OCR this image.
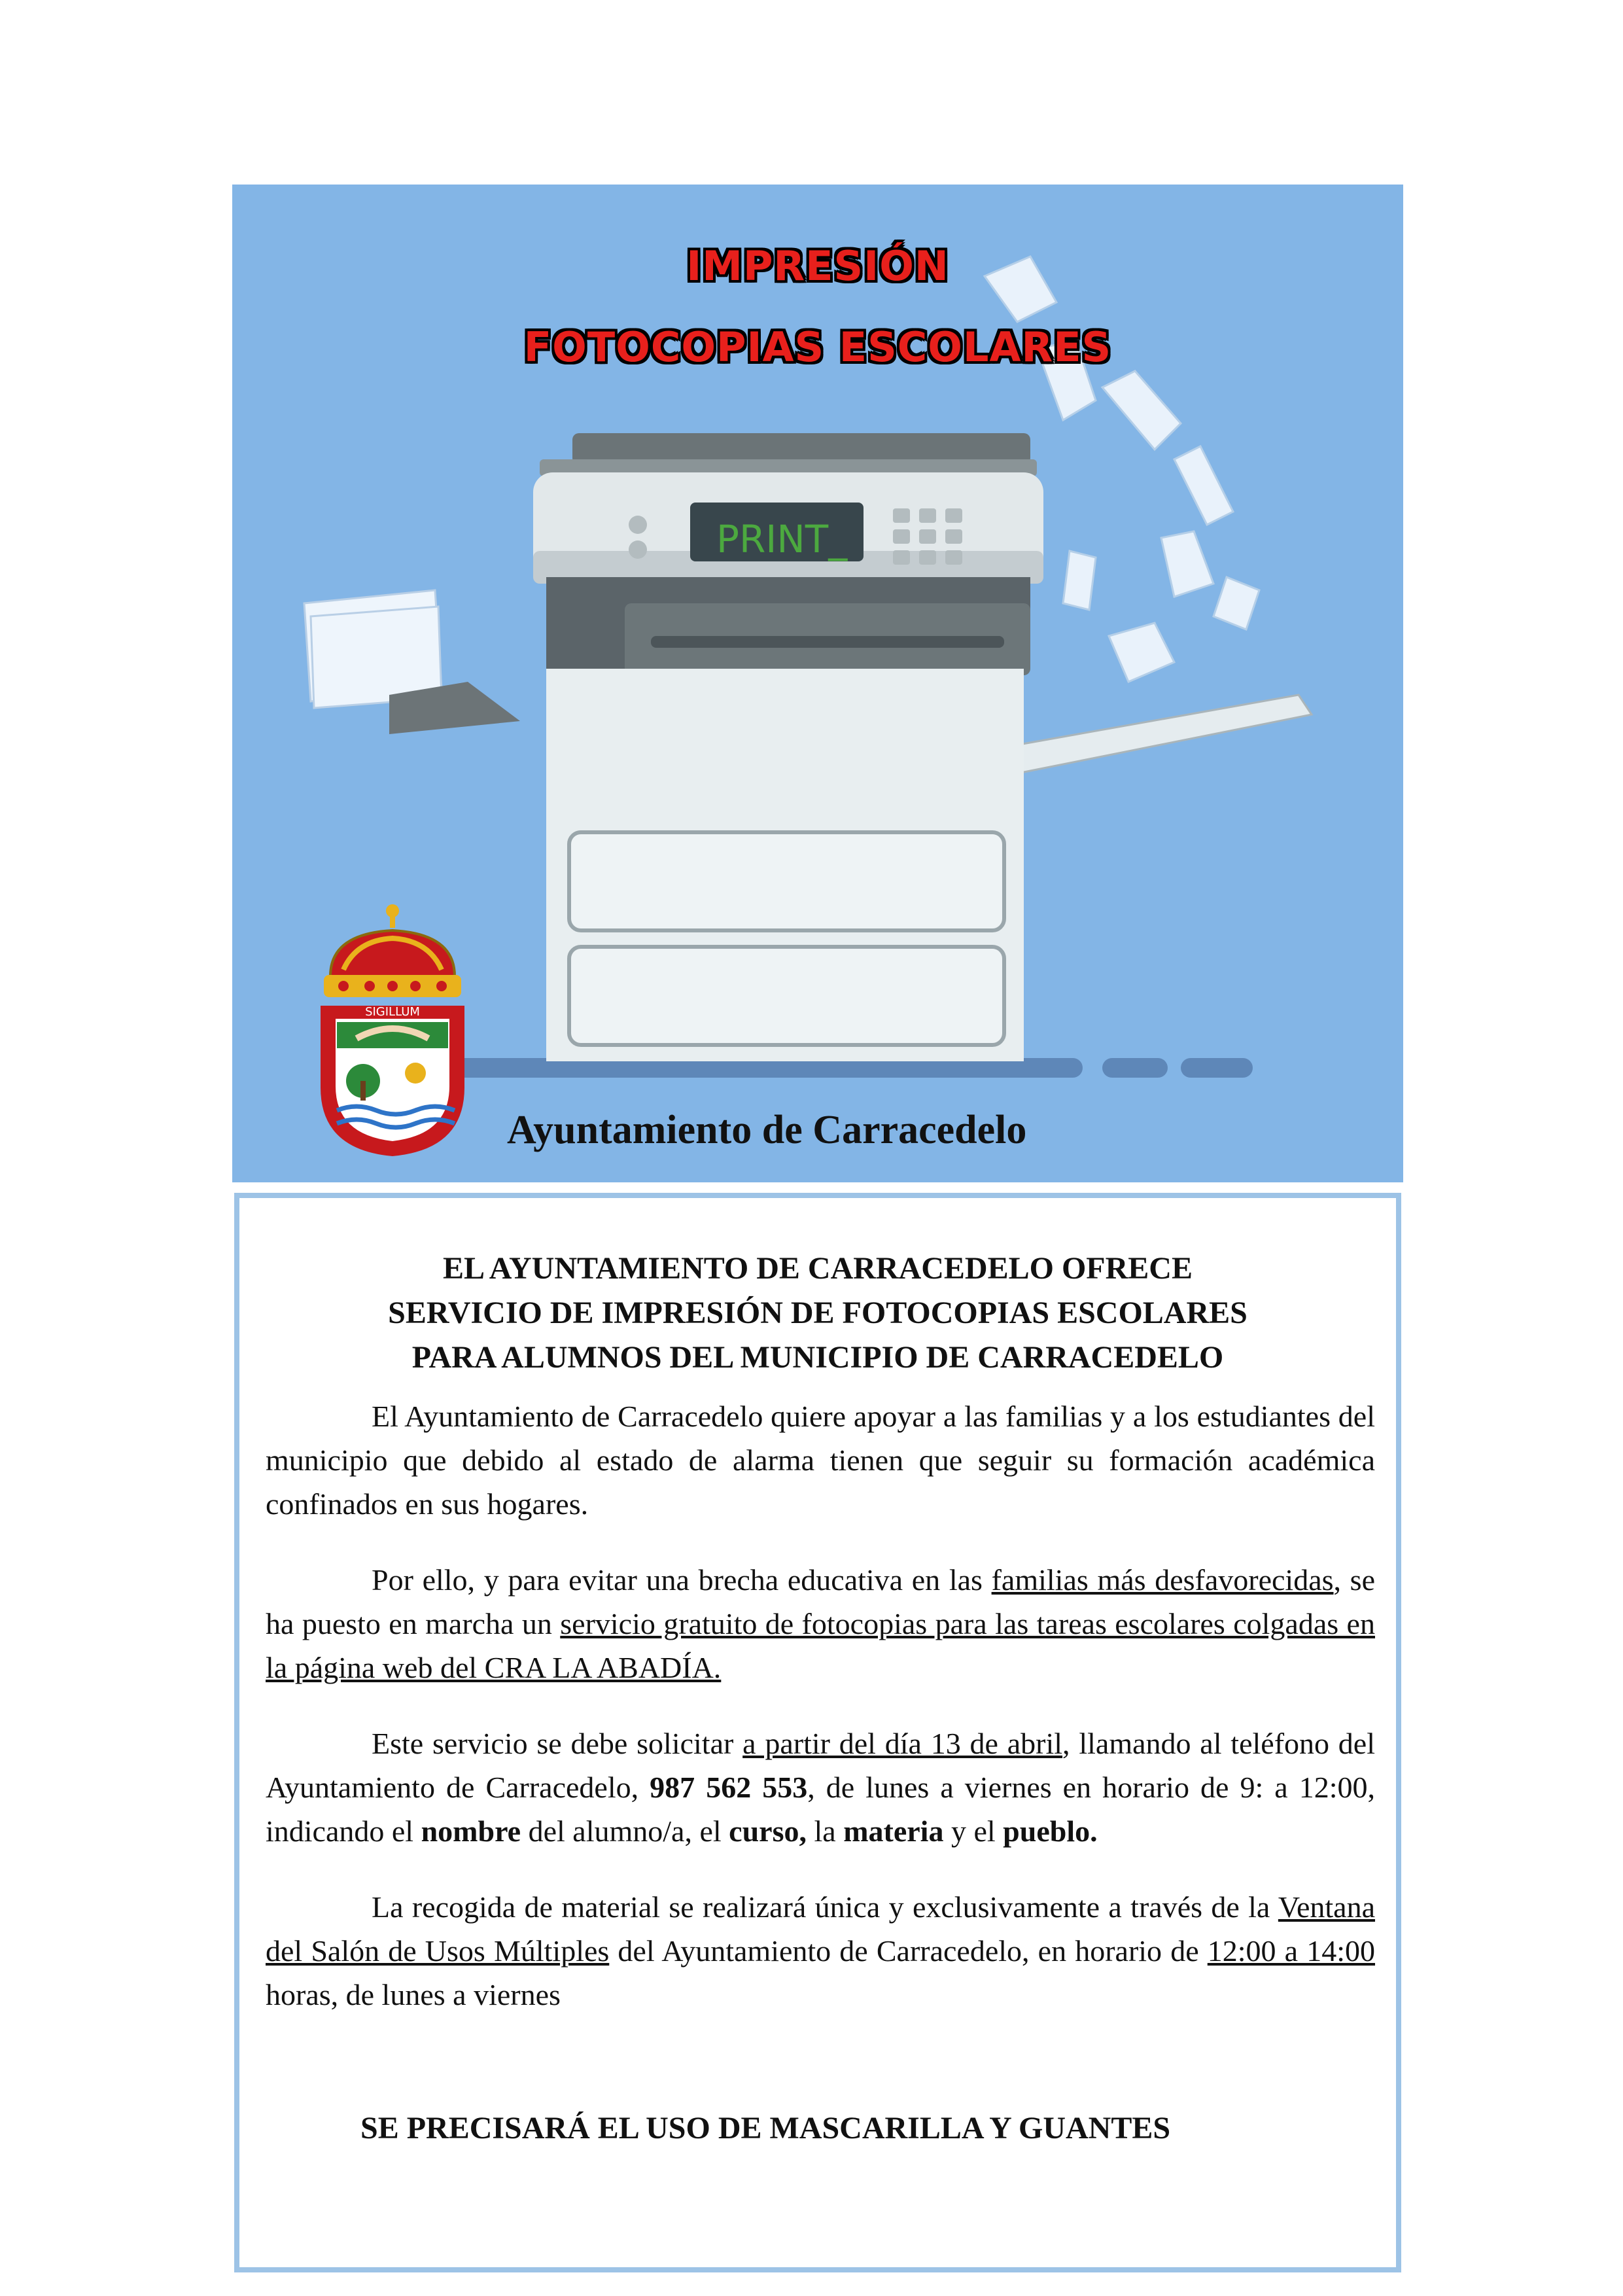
PRINT_
IMPRESIÓN
FOTOCOPIAS ESCOLARES
SIGILLUM
Ayuntamiento de Carracedelo
EL AYUNTAMIENTO DE CARRACEDELO OFRECE
SERVICIO DE IMPRESIÓN DE FOTOCOPIAS ESCOLARES
PARA ALUMNOS DEL MUNICIPIO DE CARRACEDELO
El Ayuntamiento de Carracedelo quiere apoyar a las familias y a los estudiantes del municipio que debido al estado de alarma tienen que seguir su formación académica confinados en sus hogares.
Por ello, y para evitar una brecha educativa en las familias más desfavorecidas, se ha puesto en marcha un servicio gratuito de fotocopias para las tareas escolares colgadas en la página web del CRA LA ABADÍA.
Este servicio se debe solicitar a partir del día 13 de abril, llamando al teléfono del Ayuntamiento de Carracedelo, 987 562 553, de lunes a viernes en horario de 9: a 12:00, indicando el nombre del alumno/a, el curso, la materia y el pueblo.
La recogida de material se realizará única y exclusivamente a través de la Ventana del Salón de Usos Múltiples del Ayuntamiento de Carracedelo, en horario de 12:00 a 14:00 horas, de lunes a viernes
SE PRECISARÁ EL USO DE MASCARILLA Y GUANTES
